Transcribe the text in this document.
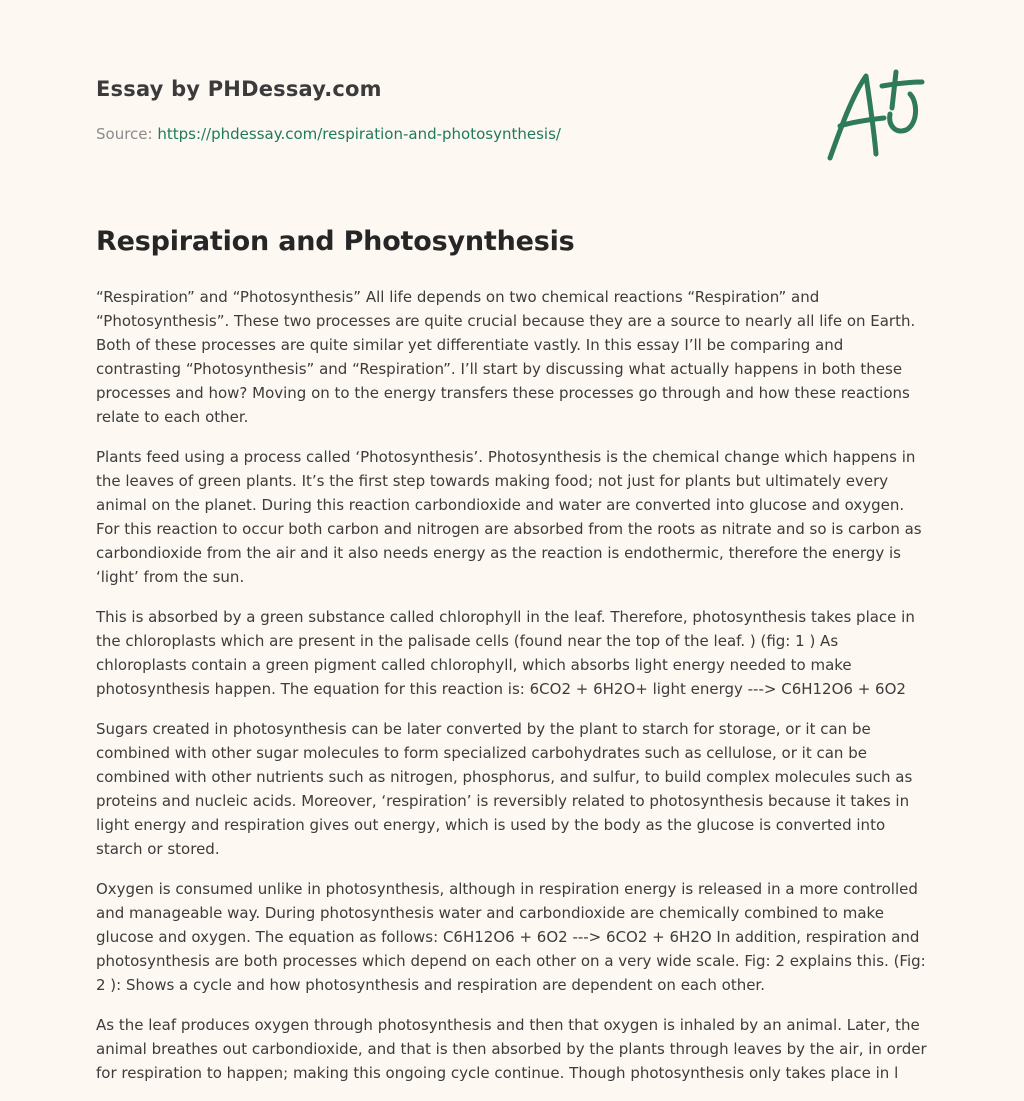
Essay by PHDessay.com
Source: https://phdessay.com/respiration-and-photosynthesis/
Respiration and Photosynthesis

“Respiration” and “Photosynthesis” All life depends on two chemical reactions “Respiration” and “Photosynthesis”. These two processes are quite crucial because they are a source to nearly all life on Earth. Both of these processes are quite similar yet differentiate vastly. In this essay I’ll be comparing and contrasting “Photosynthesis” and “Respiration”. I’ll start by discussing what actually happens in both these processes and how? Moving on to the energy transfers these processes go through and how these reactions relate to each other.

Plants feed using a process called ‘Photosynthesis’. Photosynthesis is the chemical change which happens in the leaves of green plants. It’s the first step towards making food; not just for plants but ultimately every animal on the planet. During this reaction carbondioxide and water are converted into glucose and oxygen. For this reaction to occur both carbon and nitrogen are absorbed from the roots as nitrate and so is carbon as carbondioxide from the air and it also needs energy as the reaction is endothermic, therefore the energy is ‘light’ from the sun.

This is absorbed by a green substance called chlorophyll in the leaf. Therefore, photosynthesis takes place in the chloroplasts which are present in the palisade cells (found near the top of the leaf. ) (fig: 1 ) As chloroplasts contain a green pigment called chlorophyll, which absorbs light energy needed to make photosynthesis happen. The equation for this reaction is: 6CO2 + 6H2O+ light energy ---> C6H12O6 + 6O2

Sugars created in photosynthesis can be later converted by the plant to starch for storage, or it can be combined with other sugar molecules to form specialized carbohydrates such as cellulose, or it can be combined with other nutrients such as nitrogen, phosphorus, and sulfur, to build complex molecules such as proteins and nucleic acids. Moreover, ‘respiration’ is reversibly related to photosynthesis because it takes in light energy and respiration gives out energy, which is used by the body as the glucose is converted into starch or stored.

Oxygen is consumed unlike in photosynthesis, although in respiration energy is released in a more controlled and manageable way. During photosynthesis water and carbondioxide are chemically combined to make glucose and oxygen. The equation as follows: C6H12O6 + 6O2 ---> 6CO2 + 6H2O In addition, respiration and photosynthesis are both processes which depend on each other on a very wide scale. Fig: 2 explains this. (Fig: 2 ): Shows a cycle and how photosynthesis and respiration are dependent on each other.

As the leaf produces oxygen through photosynthesis and then that oxygen is inhaled by an animal. Later, the animal breathes out carbondioxide, and that is then absorbed by the plants through leaves by the air, in order for respiration to happen; making this ongoing cycle continue. Though photosynthesis only takes place in l
